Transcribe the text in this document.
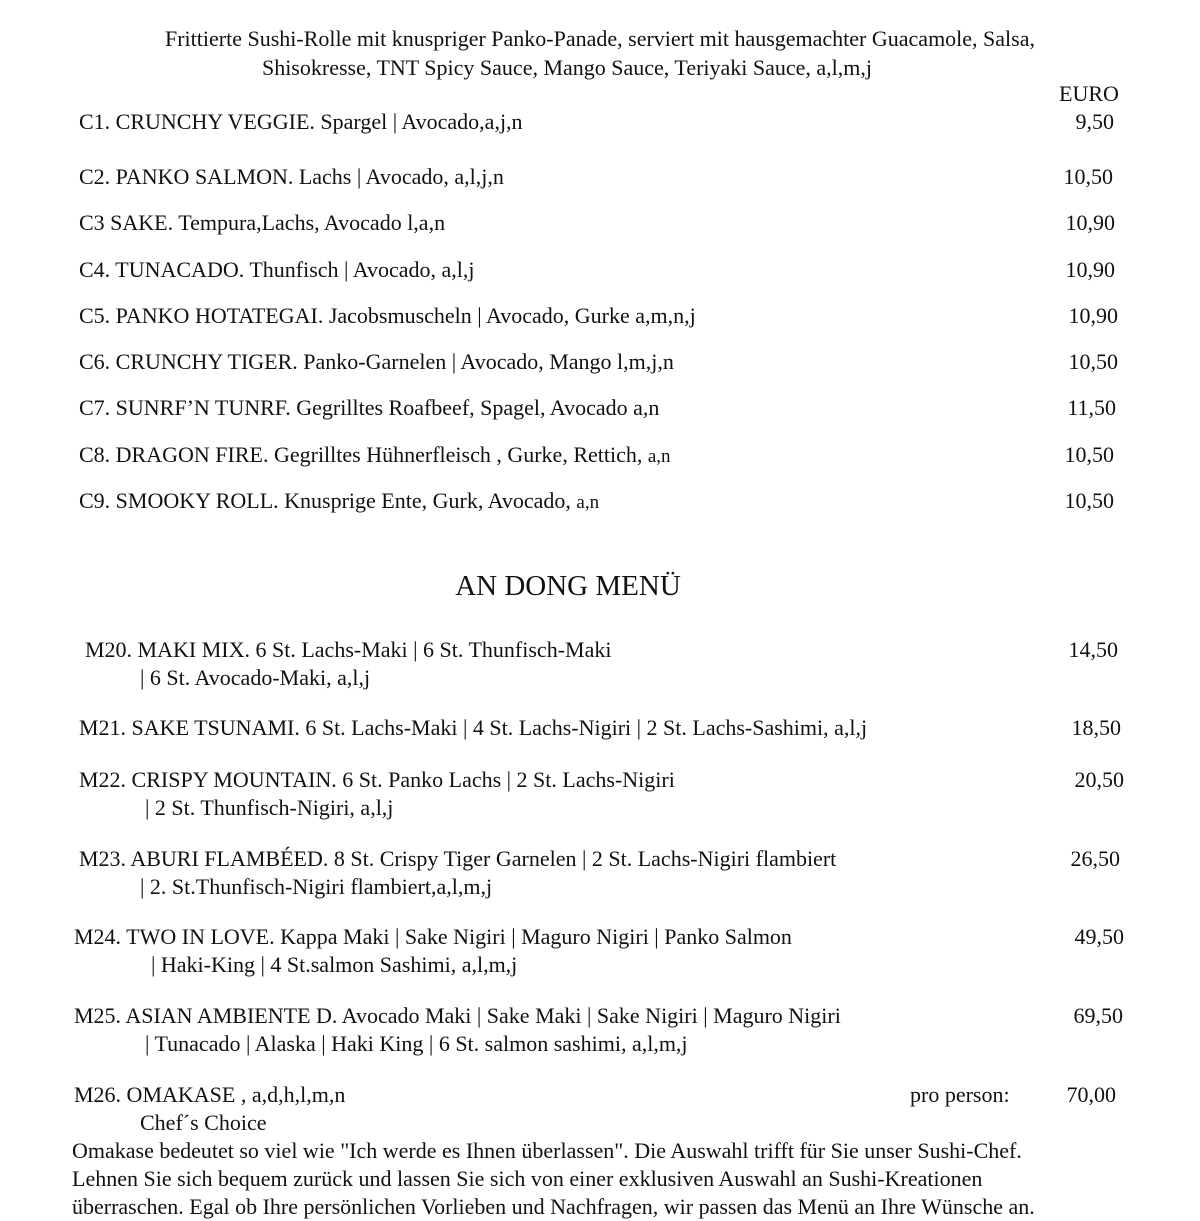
Frittierte Sushi-Rolle mit knuspriger Panko-Panade, serviert mit hausgemachter Guacamole, Salsa,
Shisokresse, TNT Spicy Sauce, Mango Sauce, Teriyaki Sauce, a,l,m,j
EURO
C1. CRUNCHY VEGGIE. Spargel | Avocado,a,j,n	9,50
C2. PANKO SALMON. Lachs | Avocado, a,l,j,n	10,50
C3 SAKE. Tempura,Lachs, Avocado l,a,n	10,90
C4. TUNACADO. Thunfisch | Avocado, a,l,j	10,90
C5. PANKO HOTATEGAI. Jacobsmuscheln | Avocado, Gurke a,m,n,j	10,90
C6. CRUNCHY TIGER. Panko-Garnelen | Avocado, Mango l,m,j,n	10,50
C7. SUNRF’N TUNRF. Gegrilltes Roafbeef, Spagel, Avocado a,n	11,50
C8. DRAGON FIRE. Gegrilltes Hühnerfleisch , Gurke, Rettich, a,n	10,50
C9. SMOOKY ROLL. Knusprige Ente, Gurk, Avocado, a,n	10,50
AN DONG MENÜ
M20. MAKI MIX. 6 St. Lachs-Maki | 6 St. Thunfisch-Maki
| 6 St. Avocado-Maki, a,l,j
14,50
M21. SAKE TSUNAMI. 6 St. Lachs-Maki | 4 St. Lachs-Nigiri | 2 St. Lachs-Sashimi, a,l,j	18,50
M22. CRISPY MOUNTAIN. 6 St. Panko Lachs | 2 St. Lachs-Nigiri
| 2 St. Thunfisch-Nigiri, a,l,j
20,50
M23. ABURI FLAMBÉED. 8 St. Crispy Tiger Garnelen | 2 St. Lachs-Nigiri flambiert
| 2. St.Thunfisch-Nigiri flambiert,a,l,m,j
26,50
M24. TWO IN LOVE. Kappa Maki | Sake Nigiri | Maguro Nigiri | Panko Salmon
| Haki-King | 4 St.salmon Sashimi, a,l,m,j
49,50
M25. ASIAN AMBIENTE D. Avocado Maki | Sake Maki | Sake Nigiri | Maguro Nigiri
| Tunacado | Alaska | Haki King | 6 St. salmon sashimi, a,l,m,j
69,50
M26. OMAKASE , a,d,h,l,m,n	pro person:	70,00
Chef´s Choice
Omakase bedeutet so viel wie "Ich werde es Ihnen überlassen". Die Auswahl trifft für Sie unser Sushi-Chef.
Lehnen Sie sich bequem zurück und lassen Sie sich von einer exklusiven Auswahl an Sushi-Kreationen
überraschen. Egal ob Ihre persönlichen Vorlieben und Nachfragen, wir passen das Menü an Ihre Wünsche an.
